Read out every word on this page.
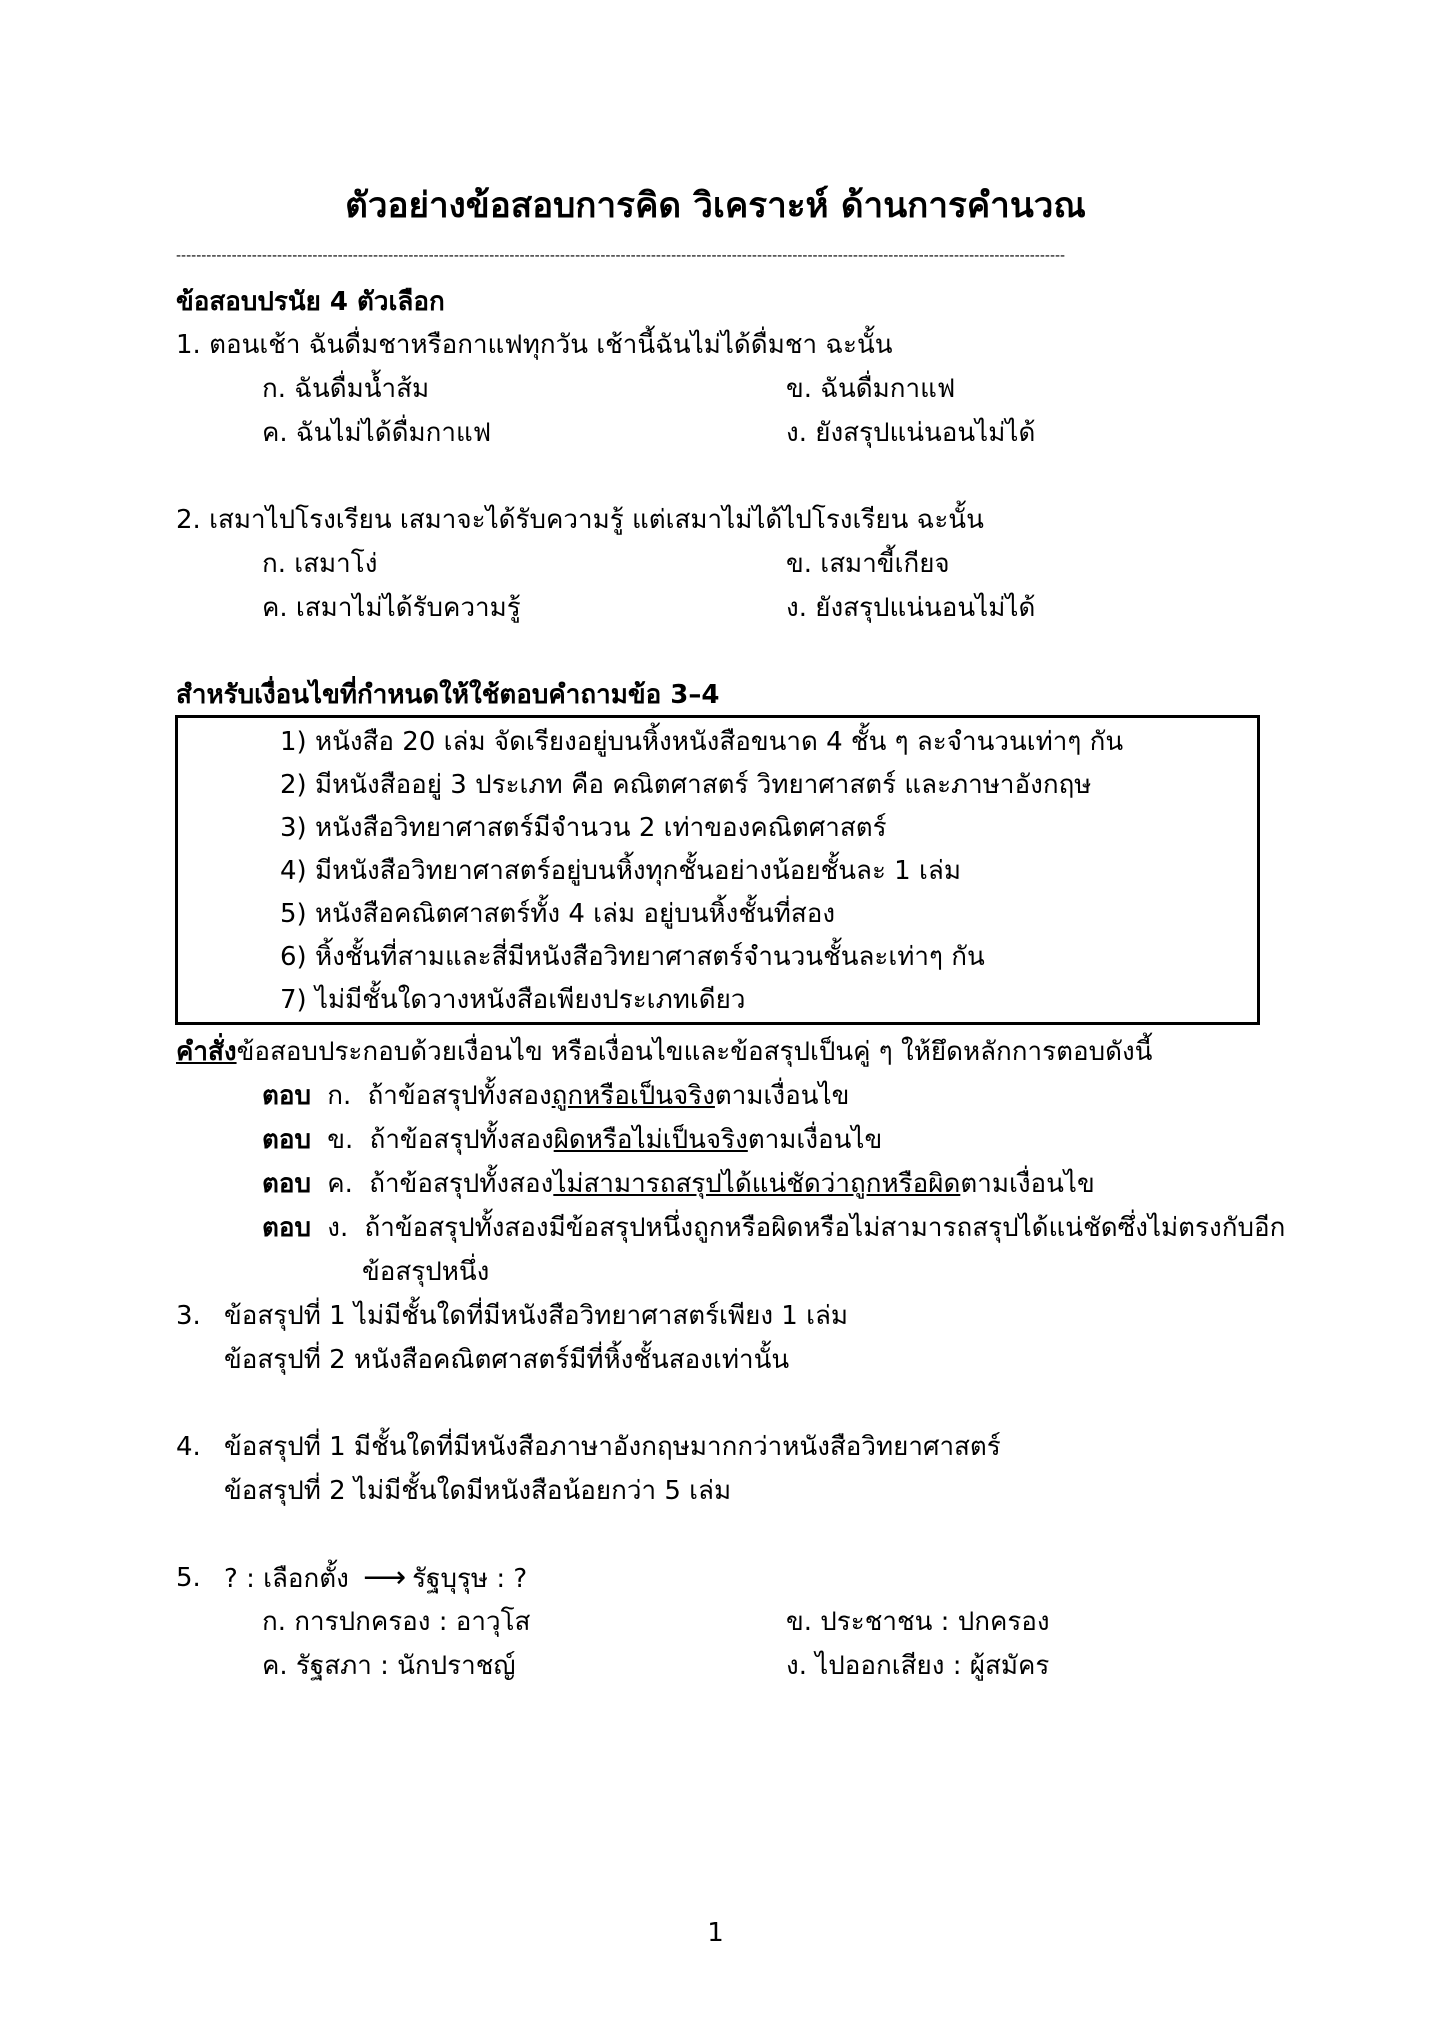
ตัวอย่างข้อสอบการคิด วิเคราะห์ ด้านการคำนวณ
--------------------------------------------------------------------------------------------------------------------------------------------------------------------------------
ข้อสอบปรนัย 4 ตัวเลือก
1. ตอนเช้า ฉันดื่มชาหรือกาแฟทุกวัน เช้านี้ฉันไม่ได้ดื่มชา ฉะนั้น
ก. ฉันดื่มน้ำส้ม	ข. ฉันดื่มกาแฟ
ค. ฉันไม่ได้ดื่มกาแฟ	ง. ยังสรุปแน่นอนไม่ได้
2. เสมาไปโรงเรียน เสมาจะได้รับความรู้ แต่เสมาไม่ได้ไปโรงเรียน ฉะนั้น
ก. เสมาโง่	ข. เสมาขี้เกียจ
ค. เสมาไม่ได้รับความรู้	ง. ยังสรุปแน่นอนไม่ได้
สำหรับเงื่อนไขที่กำหนดให้ใช้ตอบคำถามข้อ 3–4
1) หนังสือ 20 เล่ม จัดเรียงอยู่บนหิ้งหนังสือขนาด 4 ชั้น ๆ ละจำนวนเท่าๆ กัน
2) มีหนังสืออยู่ 3 ประเภท คือ คณิตศาสตร์ วิทยาศาสตร์ และภาษาอังกฤษ
3) หนังสือวิทยาศาสตร์มีจำนวน 2 เท่าของคณิตศาสตร์
4) มีหนังสือวิทยาศาสตร์อยู่บนหิ้งทุกชั้นอย่างน้อยชั้นละ 1 เล่ม
5) หนังสือคณิตศาสตร์ทั้ง 4 เล่ม อยู่บนหิ้งชั้นที่สอง
6) หิ้งชั้นที่สามและสี่มีหนังสือวิทยาศาสตร์จำนวนชั้นละเท่าๆ กัน
7) ไม่มีชั้นใดวางหนังสือเพียงประเภทเดียว
คำสั่งข้อสอบประกอบด้วยเงื่อนไข หรือเงื่อนไขและข้อสรุปเป็นคู่ ๆ ให้ยึดหลักการตอบดังนี้
ตอบ ก. ถ้าข้อสรุปทั้งสองถูกหรือเป็นจริงตามเงื่อนไข
ตอบ ข. ถ้าข้อสรุปทั้งสองผิดหรือไม่เป็นจริงตามเงื่อนไข
ตอบ ค. ถ้าข้อสรุปทั้งสองไม่สามารถสรุปได้แน่ชัดว่าถูกหรือผิดตามเงื่อนไข
ตอบ ง. ถ้าข้อสรุปทั้งสองมีข้อสรุปหนึ่งถูกหรือผิดหรือไม่สามารถสรุปได้แน่ชัดซึ่งไม่ตรงกับอีก
ข้อสรุปหนึ่ง
3. ข้อสรุปที่ 1 ไม่มีชั้นใดที่มีหนังสือวิทยาศาสตร์เพียง 1 เล่ม
ข้อสรุปที่ 2 หนังสือคณิตศาสตร์มีที่หิ้งชั้นสองเท่านั้น
4. ข้อสรุปที่ 1 มีชั้นใดที่มีหนังสือภาษาอังกฤษมากกว่าหนังสือวิทยาศาสตร์
ข้อสรุปที่ 2 ไม่มีชั้นใดมีหนังสือน้อยกว่า 5 เล่ม
5. ? : เลือกตั้ง ⟶ รัฐบุรุษ : ?
ก. การปกครอง : อาวุโส	ข. ประชาชน : ปกครอง
ค. รัฐสภา : นักปราชญ์	ง. ไปออกเสียง : ผู้สมัคร
1
